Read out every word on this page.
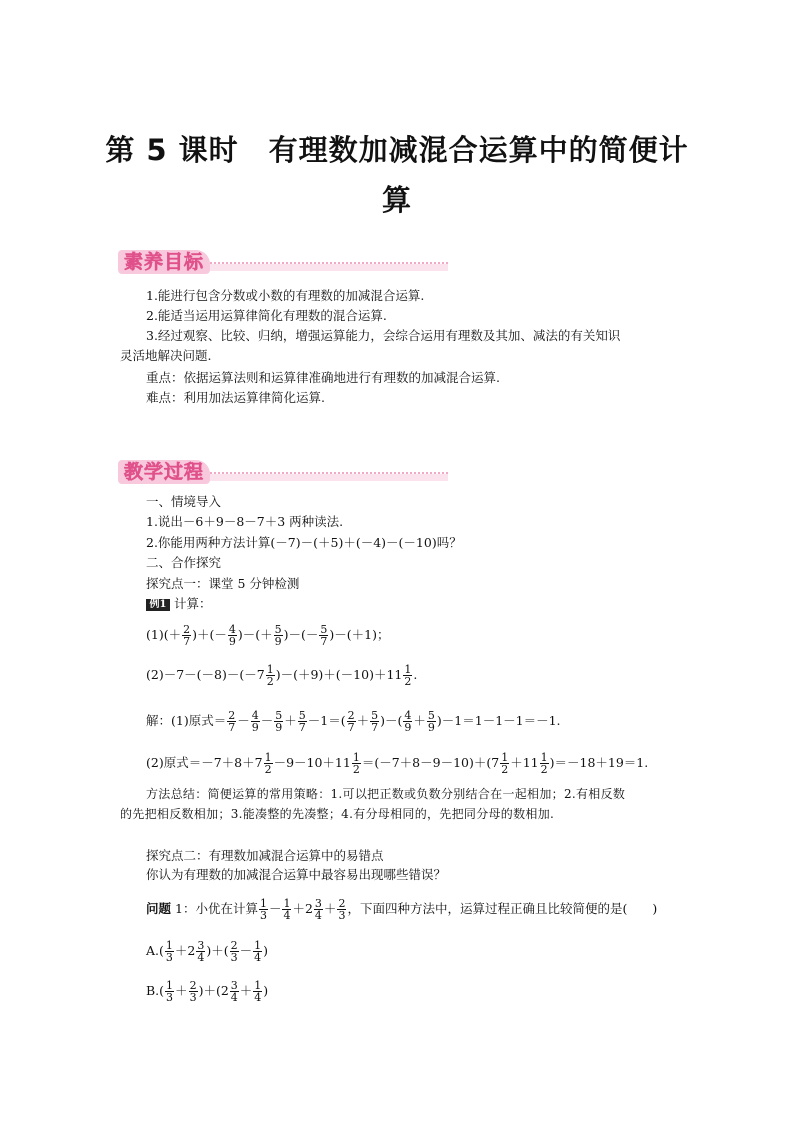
第 5 课时　有理数加减混合运算中的简便计
算
素养目标
1.能进行包含分数或小数的有理数的加减混合运算.
2.能适当运用运算律简化有理数的混合运算.
3.经过观察、比较、归纳，增强运算能力，会综合运用有理数及其加、减法的有关知识
灵活地解决问题.
重点：依据运算法则和运算律准确地进行有理数的加减混合运算.
难点：利用加法运算律简化运算.
教学过程
一、情境导入
1.说出－6＋9－8－7＋3 两种读法.
2.你能用两种方法计算(－7)－(＋5)＋(－4)－(－10)吗？
二、合作探究
探究点一：课堂 5 分钟检测
例1 计算：
$(1)(+ \frac{2}{7}$ )＋(－ $\frac{4}{9}$ )－(＋ $\frac{5}{9}$ )－(－ $\frac{5}{7} )-(+1)$；
$(2)-7-(-8)-(-7 \frac{1}{2} )-(+9)+(-10)+11 \frac{1}{2}$ .
解：(1)原式＝ $\frac{2}{7} - \frac{4}{9} - \frac{5}{9} + \frac{5}{7} -1=( \frac{2}{7} + \frac{5}{7}$ )－( $\frac{4}{9} + \frac{5}{9} )-1=1-1-1=-1$.
(2)原式$=-7+8+7 \frac{1}{2} -9-10+11 \frac{1}{2} =(-7+8-9-10)+(7 \frac{1}{2} +11 \frac{1}{2} )=-18+19=1$.
方法总结：简便运算的常用策略：1.可以把正数或负数分别结合在一起相加；2.有相反数
的先把相反数相加；3.能凑整的先凑整；4.有分母相同的，先把同分母的数相加.
探究点二：有理数加减混合运算中的易错点
你认为有理数的加减混合运算中最容易出现哪些错误？
问题 1：小优在计算 $\frac{1}{3} - \frac{1}{4} +2 \frac{3}{4} + \frac{2}{3}$ ，下面四种方法中，运算过程正确且比较简便的是(　　)
$A.( \frac{1}{3} +2 \frac{3}{4}$ )＋( $\frac{2}{3} - \frac{1}{4}$ )
$B.( \frac{1}{3} + \frac{2}{3} )+(2 \frac{3}{4} + \frac{1}{4}$ )
